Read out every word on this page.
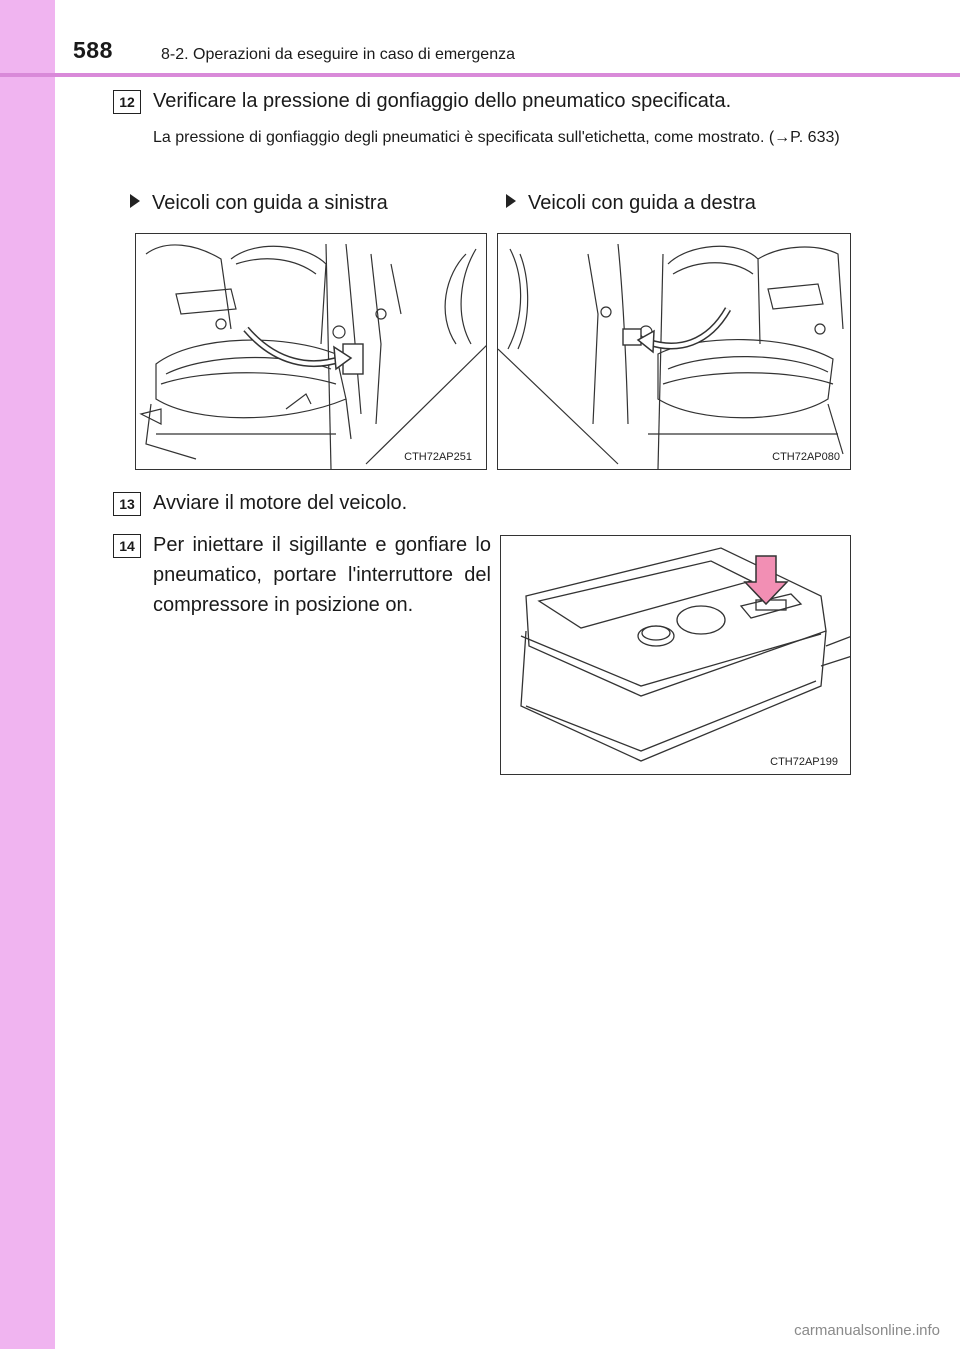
588	8-2. Operazioni da eseguire in caso di emergenza
12 Verificare la pressione di gonfiaggio dello pneumatico specificata.
La pressione di gonfiaggio degli pneumatici è specificata sull'etichetta, come mostrato. (→P. 633)
Veicoli con guida a sinistra	Veicoli con guida a destra
CTH72AP251	CTH72AP080
13 Avviare il motore del veicolo.
14 Per iniettare il sigillante e gonfiare lo pneumatico, portare l'interruttore del compressore in posizione on.
CTH72AP199
carmanualsonline.info
